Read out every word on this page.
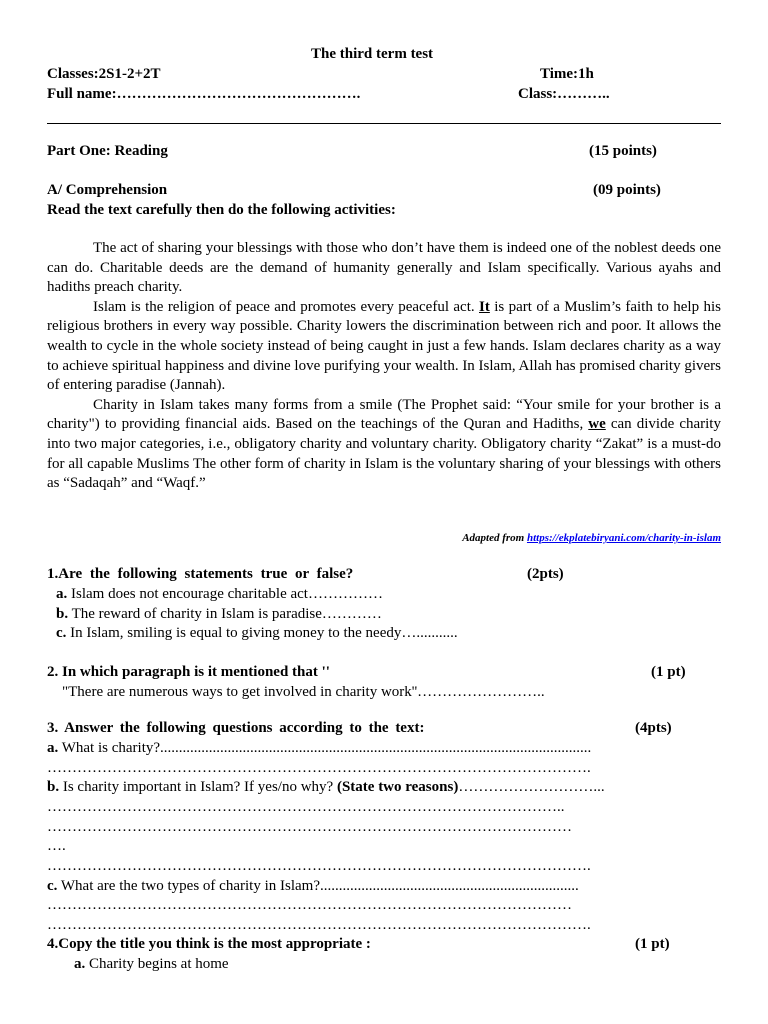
The third term test
Classes:2S1-2+2T	Time:1h
Full name:………………………………………….	Class:………..
Part One: Reading	(15 points)
A/ Comprehension	(09 points)
Read the text carefully then do the following activities:

The act of sharing your blessings with those who don’t have them is indeed one of the noblest deeds one can do. Charitable deeds are the demand of humanity generally and Islam specifically. Various ayahs and hadiths preach charity.

Islam is the religion of peace and promotes every peaceful act. It is part of a Muslim’s faith to help his religious brothers in every way possible. Charity lowers the discrimination between rich and poor. It allows the wealth to cycle in the whole society instead of being caught in just a few hands. Islam declares charity as a way to achieve spiritual happiness and divine love purifying your wealth. In Islam, Allah has promised charity givers of entering paradise (Jannah).

Charity in Islam takes many forms from a smile (The Prophet said: “Your smile for your brother is a charity") to providing financial aids. Based on the teachings of the Quran and Hadiths, we can divide charity into two major categories, i.e., obligatory charity and voluntary charity. Obligatory charity “Zakat” is a must-do for all capable Muslims The other form of charity in Islam is the voluntary sharing of your blessings with others as “Sadaqah” and “Waqf.”

Adapted from https://ekplatebiryani.com/charity-in-islam
1.Are the following statements true or false?	(2pts)
a. Islam does not encourage charitable act……………
b. The reward of charity in Islam is paradise…………
c. In Islam, smiling is equal to giving money to the needy…...........
2. In which paragraph is it mentioned that ''	(1 pt)
"There are numerous ways to get involved in charity work''……………………..
3. Answer the following questions according to the text:	(4pts)
a. What is charity?...................................................................................................................
……………………………………………………………………………………………….
b. Is charity important in Islam? If yes/no why? (State two reasons)………………………...
…………………………………………………………………………………………..
……………………………………………………………………………………………
….
……………………………………………………………………………………………….
c. What are the two types of charity in Islam?.....................................................................
……………………………………………………………………………………………
……………………………………………………………………………………………….
4.Copy the title you think is the most appropriate :	(1 pt)
a. Charity begins at home
